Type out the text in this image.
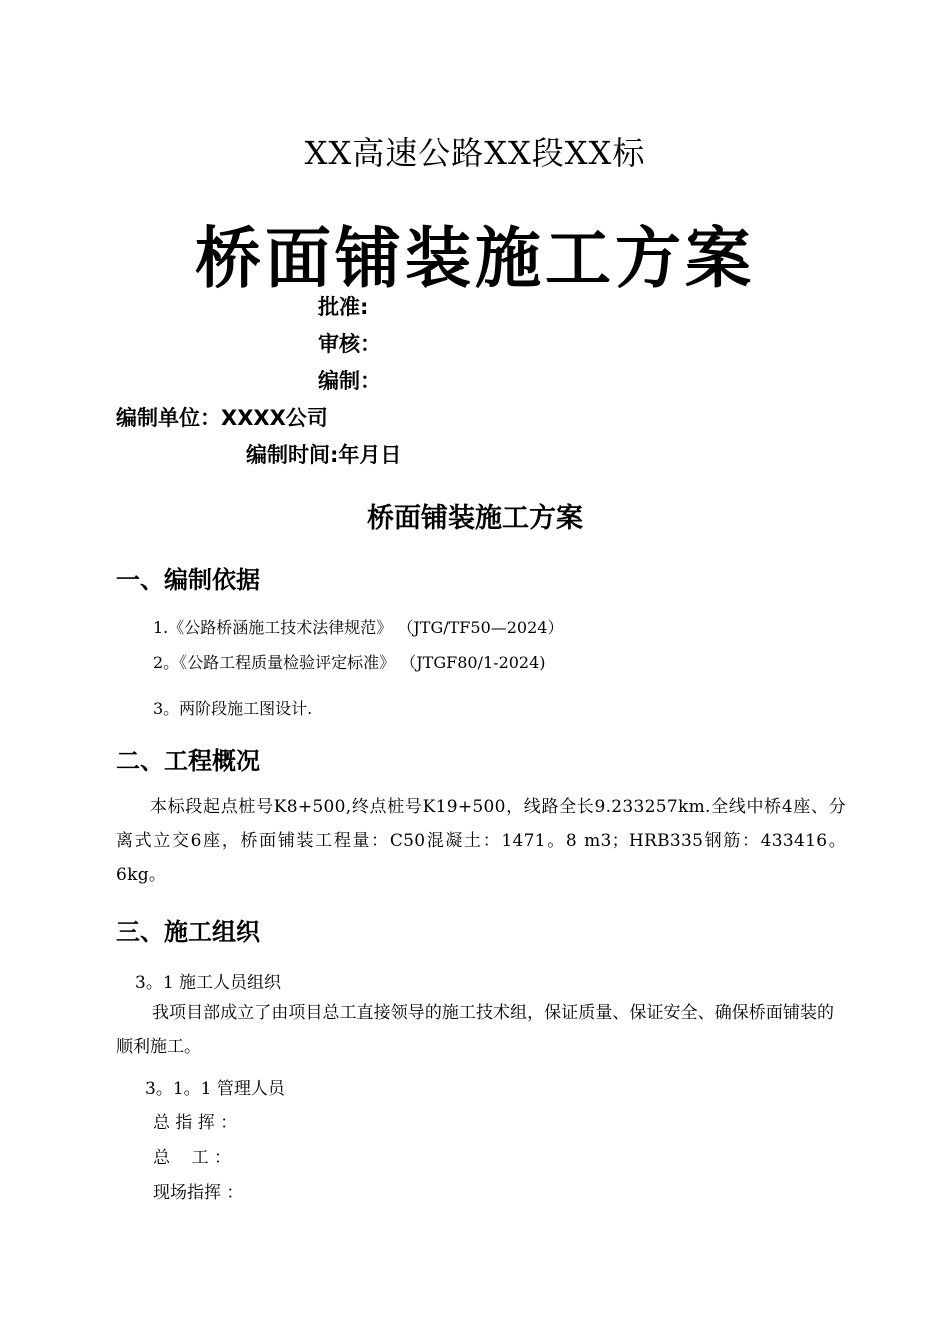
XX高速公路XX段XX标
桥面铺装施工方案
批准:
审核：
编制：
编制单位：XXXX公司
编制时间:年月日
桥面铺装施工方案
一、编制依据
1.《公路桥涵施工技术法律规范》 （JTG/TF50—2024）
2。《公路工程质量检验评定标准》 （JTGF80/1-2024)
3。两阶段施工图设计.
二、工程概况
本标段起点桩号K8+500,终点桩号K19+500，线路全长9.233257km.全线中桥4座、分离式立交6座，桥面铺装工程量：C50混凝土：1471。8 m3；HRB335钢筋：433416。6kg。
三、施工组织
3。1 施工人员组织
我项目部成立了由项目总工直接领导的施工技术组，保证质量、保证安全、确保桥面铺装的顺利施工。
3。1。1 管理人员
总 指 挥 ：
总    工 ：
现场指挥 ：
